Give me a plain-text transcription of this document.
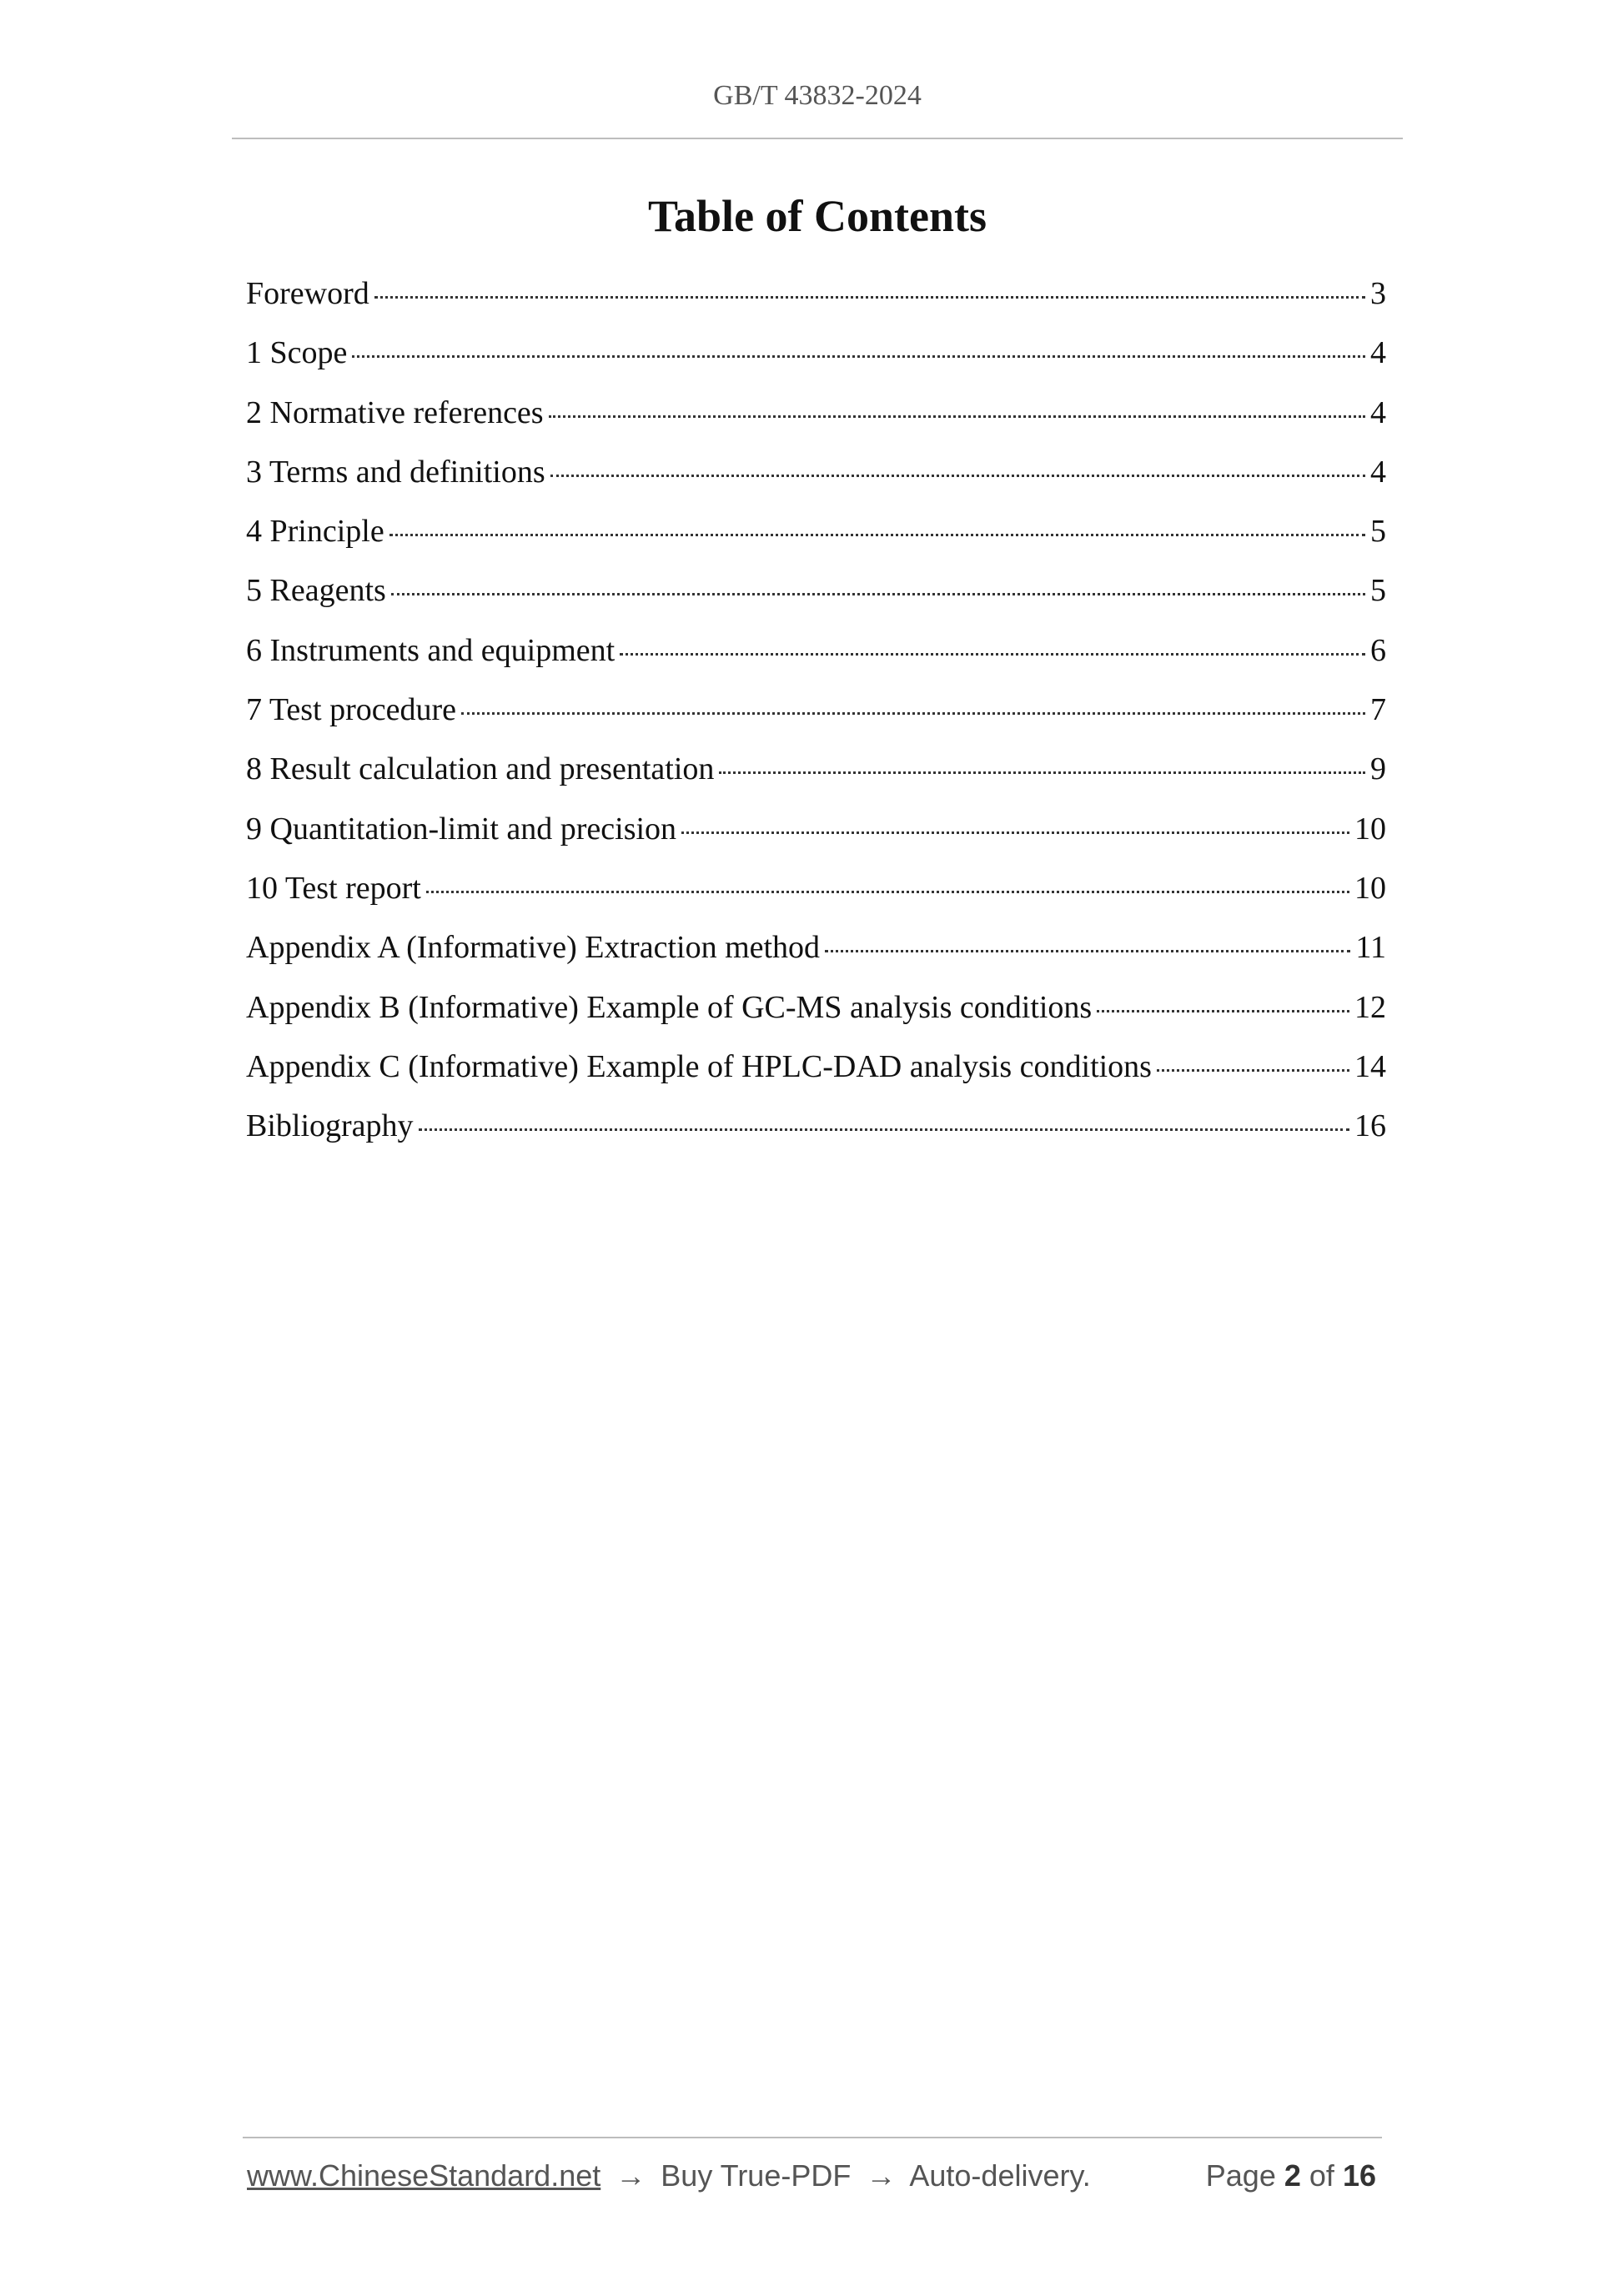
GB/T 43832-2024
Table of Contents
Foreword	3
1 Scope	4
2 Normative references	4
3 Terms and definitions	4
4 Principle	5
5 Reagents	5
6 Instruments and equipment	6
7 Test procedure	7
8 Result calculation and presentation	9
9 Quantitation-limit and precision	10
10 Test report	10
Appendix A (Informative) Extraction method	11
Appendix B (Informative) Example of GC-MS analysis conditions	12
Appendix C (Informative) Example of HPLC-DAD analysis conditions	14
Bibliography	16
www.ChineseStandard.net → Buy True-PDF → Auto-delivery.	Page 2 of 16
